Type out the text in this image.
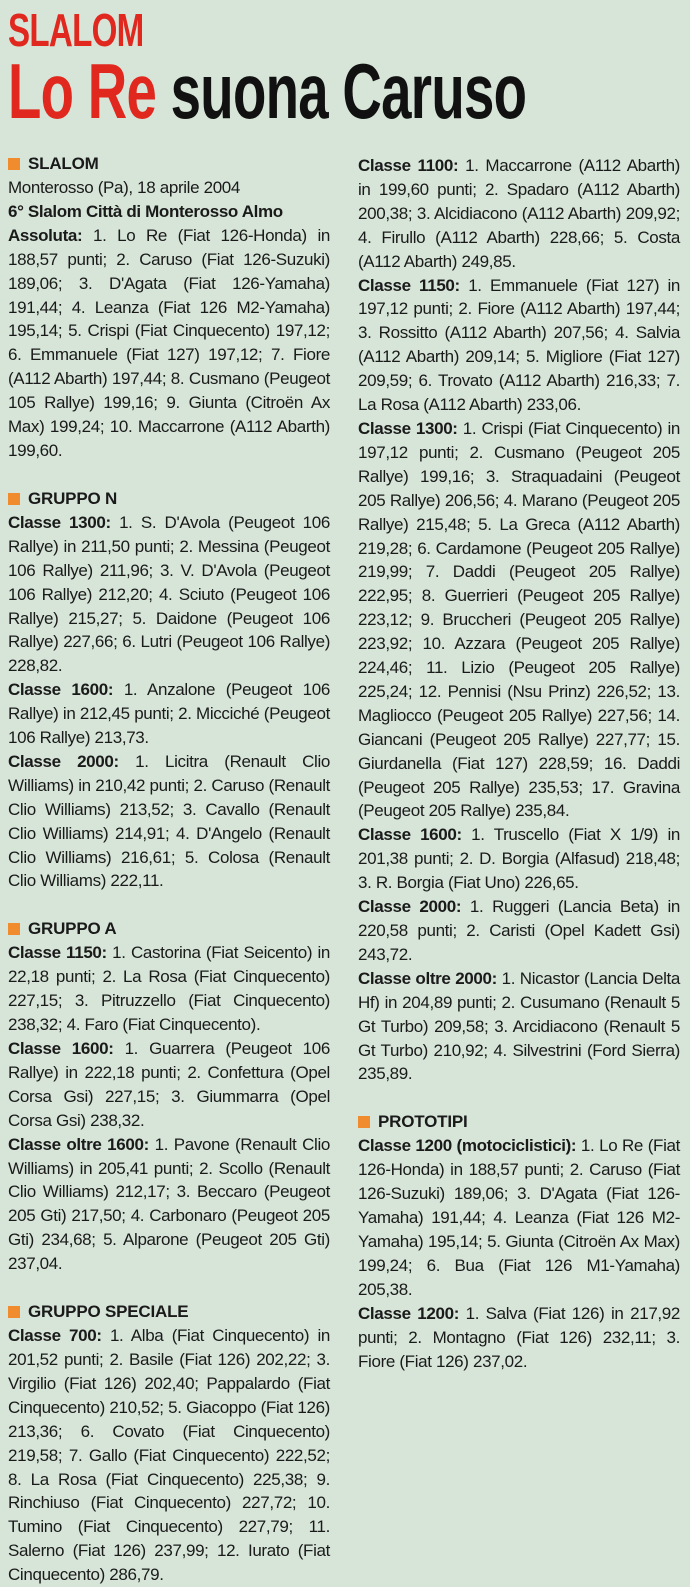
SLALOM
Lo Re suona Caruso
SLALOM

Monterosso (Pa), 18 aprile 2004

6° Slalom Città di Monterosso Almo

Assoluta: 1. Lo Re (Fiat 126-Honda) in 188,57 punti; 2. Caruso (Fiat 126-Suzuki) 189,06; 3. D'Agata (Fiat 126-Yamaha) 191,44; 4. Leanza (Fiat 126 M2-Yamaha) 195,14; 5. Crispi (Fiat Cinquecento) 197,12; 6. Emmanuele (Fiat 127) 197,12; 7. Fiore (A112 Abarth) 197,44; 8. Cusmano (Peugeot 105 Rallye) 199,16; 9. Giunta (Citroën Ax Max) 199,24; 10. Maccarrone (A112 Abarth) 199,60.

GRUPPO N

Classe 1300: 1. S. D'Avola (Peugeot 106 Rallye) in 211,50 punti; 2. Messina (Peugeot 106 Rallye) 211,96; 3. V. D'Avola (Peugeot 106 Rallye) 212,20; 4. Sciuto (Peugeot 106 Rallye) 215,27; 5. Daidone (Peugeot 106 Rallye) 227,66; 6. Lutri (Peugeot 106 Rallye) 228,82.

Classe 1600: 1. Anzalone (Peugeot 106 Rallye) in 212,45 punti; 2. Micciché (Peugeot 106 Rallye) 213,73.

Classe 2000: 1. Licitra (Renault Clio Williams) in 210,42 punti; 2. Caruso (Renault Clio Williams) 213,52; 3. Cavallo (Renault Clio Williams) 214,91; 4. D'Angelo (Renault Clio Williams) 216,61; 5. Colosa (Renault Clio Williams) 222,11.

GRUPPO A

Classe 1150: 1. Castorina (Fiat Seicento) in 22,18 punti; 2. La Rosa (Fiat Cinquecento) 227,15; 3. Pitruzzello (Fiat Cinquecento) 238,32; 4. Faro (Fiat Cinquecento).

Classe 1600: 1. Guarrera (Peugeot 106 Rallye) in 222,18 punti; 2. Confettura (Opel Corsa Gsi) 227,15; 3. Giummarra (Opel Corsa Gsi) 238,32.

Classe oltre 1600: 1. Pavone (Renault Clio Williams) in 205,41 punti; 2. Scollo (Renault Clio Williams) 212,17; 3. Beccaro (Peugeot 205 Gti) 217,50; 4. Carbonaro (Peugeot 205 Gti) 234,68; 5. Alparone (Peugeot 205 Gti) 237,04.

GRUPPO SPECIALE

Classe 700: 1. Alba (Fiat Cinquecento) in 201,52 punti; 2. Basile (Fiat 126) 202,22; 3. Virgilio (Fiat 126) 202,40; Pappalardo (Fiat Cinquecento) 210,52; 5. Giacoppo (Fiat 126) 213,36; 6. Covato (Fiat Cinquecento) 219,58; 7. Gallo (Fiat Cinquecento) 222,52; 8. La Rosa (Fiat Cinquecento) 225,38; 9. Rinchiuso (Fiat Cinquecento) 227,72; 10. Tumino (Fiat Cinquecento) 227,79; 11. Salerno (Fiat 126) 237,99; 12. Iurato (Fiat Cinquecento) 286,79.

Classe 1100: 1. Maccarrone (A112 Abarth) in 199,60 punti; 2. Spadaro (A112 Abarth) 200,38; 3. Alcidiacono (A112 Abarth) 209,92; 4. Firullo (A112 Abarth) 228,66; 5. Costa (A112 Abarth) 249,85.

Classe 1150: 1. Emmanuele (Fiat 127) in 197,12 punti; 2. Fiore (A112 Abarth) 197,44; 3. Rossitto (A112 Abarth) 207,56; 4. Salvia (A112 Abarth) 209,14; 5. Migliore (Fiat 127) 209,59; 6. Trovato (A112 Abarth) 216,33; 7. La Rosa (A112 Abarth) 233,06.

Classe 1300: 1. Crispi (Fiat Cinquecento) in 197,12 punti; 2. Cusmano (Peugeot 205 Rallye) 199,16; 3. Straquadaini (Peugeot 205 Rallye) 206,56; 4. Marano (Peugeot 205 Rallye) 215,48; 5. La Greca (A112 Abarth) 219,28; 6. Cardamone (Peugeot 205 Rallye) 219,99; 7. Daddi (Peugeot 205 Rallye) 222,95; 8. Guerrieri (Peugeot 205 Rallye) 223,12; 9. Bruccheri (Peugeot 205 Rallye) 223,92; 10. Azzara (Peugeot 205 Rallye) 224,46; 11. Lizio (Peugeot 205 Rallye) 225,24; 12. Pennisi (Nsu Prinz) 226,52; 13. Magliocco (Peugeot 205 Rallye) 227,56; 14. Giancani (Peugeot 205 Rallye) 227,77; 15. Giurdanella (Fiat 127) 228,59; 16. Daddi (Peugeot 205 Rallye) 235,53; 17. Gravina (Peugeot 205 Rallye) 235,84.

Classe 1600: 1. Truscello (Fiat X 1/9) in 201,38 punti; 2. D. Borgia (Alfasud) 218,48; 3. R. Borgia (Fiat Uno) 226,65.

Classe 2000: 1. Ruggeri (Lancia Beta) in 220,58 punti; 2. Caristi (Opel Kadett Gsi) 243,72.

Classe oltre 2000: 1. Nicastor (Lancia Delta Hf) in 204,89 punti; 2. Cusumano (Renault 5 Gt Turbo) 209,58; 3. Arcidiacono (Renault 5 Gt Turbo) 210,92; 4. Silvestrini (Ford Sierra) 235,89.

PROTOTIPI

Classe 1200 (motociclistici): 1. Lo Re (Fiat 126-Honda) in 188,57 punti; 2. Caruso (Fiat 126-Suzuki) 189,06; 3. D'Agata (Fiat 126-Yamaha) 191,44; 4. Leanza (Fiat 126 M2-Yamaha) 195,14; 5. Giunta (Citroën Ax Max) 199,24; 6. Bua (Fiat 126 M1-Yamaha) 205,38.

Classe 1200: 1. Salva (Fiat 126) in 217,92 punti; 2. Montagno (Fiat 126) 232,11; 3. Fiore (Fiat 126) 237,02.
